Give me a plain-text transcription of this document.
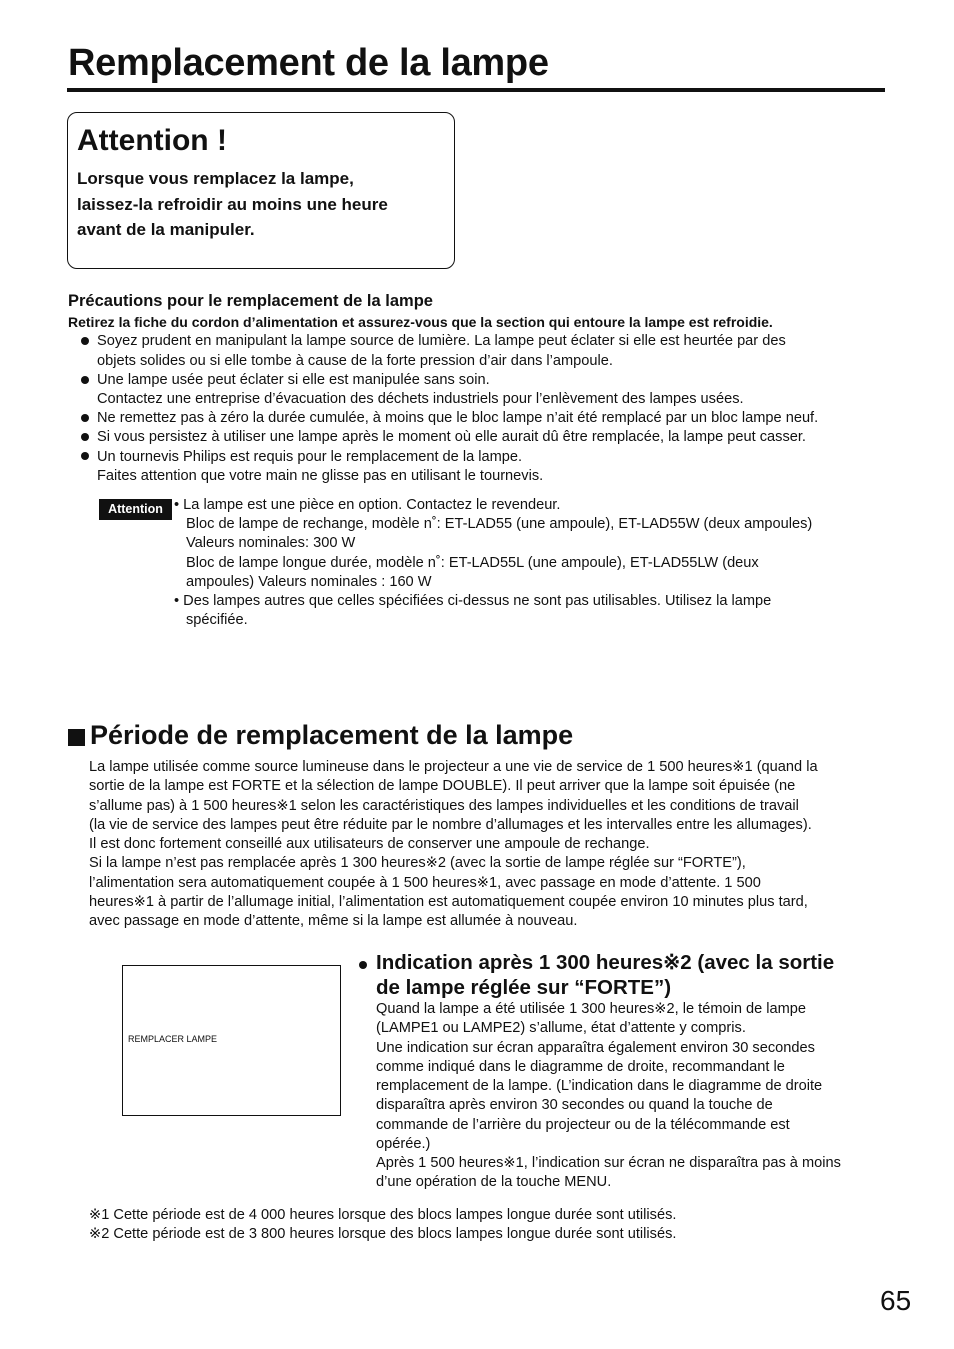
Remplacement de la lampe
Attention !
Lorsque vous remplacez la lampe,
laissez-la refroidir au moins une heure
avant de la manipuler.
Précautions pour le remplacement de la lampe
Retirez la fiche du cordon d’alimentation et assurez-vous que la section qui entoure la lampe est refroidie.
Soyez prudent en manipulant la lampe source de lumière. La lampe peut éclater si elle est heurtée par des
objets solides ou si elle tombe à cause de la forte pression d’air dans l’ampoule.
Une lampe usée peut éclater si elle est manipulée sans soin.
Contactez une entreprise d’évacuation des déchets industriels pour l’enlèvement des lampes usées.
Ne remettez pas à zéro la durée cumulée, à moins que le bloc lampe n’ait été remplacé par un bloc lampe neuf.
Si vous persistez à utiliser une lampe après le moment où elle aurait dû être remplacée, la lampe peut casser.
Un tournevis Philips est requis pour le remplacement de la lampe.
Faites attention que votre main ne glisse pas en utilisant le tournevis.
Attention • La lampe est une pièce en option. Contactez le revendeur.
Bloc de lampe de rechange, modèle n˚: ET-LAD55 (une ampoule), ET-LAD55W (deux ampoules)
Valeurs nominales: 300 W
Bloc de lampe longue durée, modèle n˚: ET-LAD55L (une ampoule), ET-LAD55LW (deux
ampoules) Valeurs nominales : 160 W
• Des lampes autres que celles spécifiées ci-dessus ne sont pas utilisables. Utilisez la lampe
spécifiée.
Période de remplacement de la lampe
La lampe utilisée comme source lumineuse dans le projecteur a une vie de service de 1 500 heures※1 (quand la
sortie de la lampe est FORTE et la sélection de lampe DOUBLE). Il peut arriver que la lampe soit épuisée (ne
s’allume pas) à 1 500 heures※1 selon les caractéristiques des lampes individuelles et les conditions de travail
(la vie de service des lampes peut être réduite par le nombre d’allumages et les intervalles entre les allumages).
Il est donc fortement conseillé aux utilisateurs de conserver une ampoule de rechange.
Si la lampe n’est pas remplacée après 1 300 heures※2 (avec la sortie de lampe réglée sur “FORTE”),
l’alimentation sera automatiquement coupée à 1 500 heures※1, avec passage en mode d’attente. 1 500
heures※1 à partir de l’allumage initial, l’alimentation est automatiquement coupée environ 10 minutes plus tard,
avec passage en mode d’attente, même si la lampe est allumée à nouveau.
REMPLACER LAMPE
Indication après 1 300 heures※2 (avec la sortie
de lampe réglée sur “FORTE”)
Quand la lampe a été utilisée 1 300 heures※2, le témoin de lampe
(LAMPE1 ou LAMPE2) s’allume, état d’attente y compris.
Une indication sur écran apparaîtra également environ 30 secondes
comme indiqué dans le diagramme de droite, recommandant le
remplacement de la lampe. (L’indication dans le diagramme de droite
disparaîtra après environ 30 secondes ou quand la touche de
commande de l’arrière du projecteur ou de la télécommande est
opérée.)
Après 1 500 heures※1, l’indication sur écran ne disparaîtra pas à moins
d’une opération de la touche MENU.
※1 Cette période est de 4 000 heures lorsque des blocs lampes longue durée sont utilisés.
※2 Cette période est de 3 800 heures lorsque des blocs lampes longue durée sont utilisés.
65
